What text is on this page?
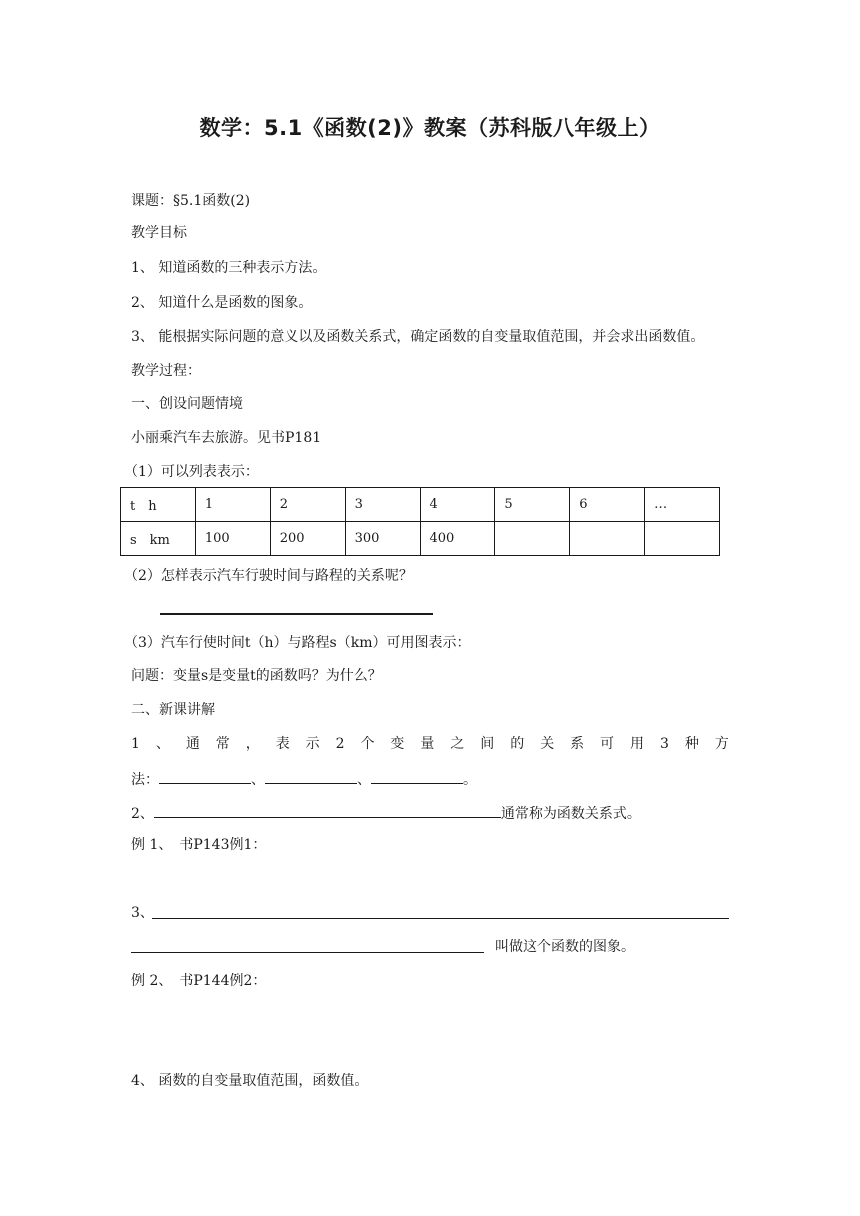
数学：5.1《函数(2)》教案（苏科版八年级上）
课题：§5.1函数(2)
教学目标
1、 知道函数的三种表示方法。
2、 知道什么是函数的图象。
3、 能根据实际问题的意义以及函数关系式，确定函数的自变量取值范围，并会求出函数值。
教学过程：
一、创设问题情境
小丽乘汽车去旅游。见书P181
（1）可以列表表示：
t　h	1	2	3	4	5	6	…
s　km	100	200	300	400			
（2）怎样表示汽车行驶时间与路程的关系呢？
（3）汽车行使时间t（h）与路程s（km）可用图表示：
问题：变量s是变量t的函数吗？为什么？
二、新课讲解
1 、 通 常 ， 表 示 2 个 变 量 之 间 的 关 系 可 用 3 种 方
法：	、	、	。
2、	通常称为函数关系式。
例 1、　书P143例1：
3、
叫做这个函数的图象。
例 2、　书P144例2：
4、 函数的自变量取值范围，函数值。
